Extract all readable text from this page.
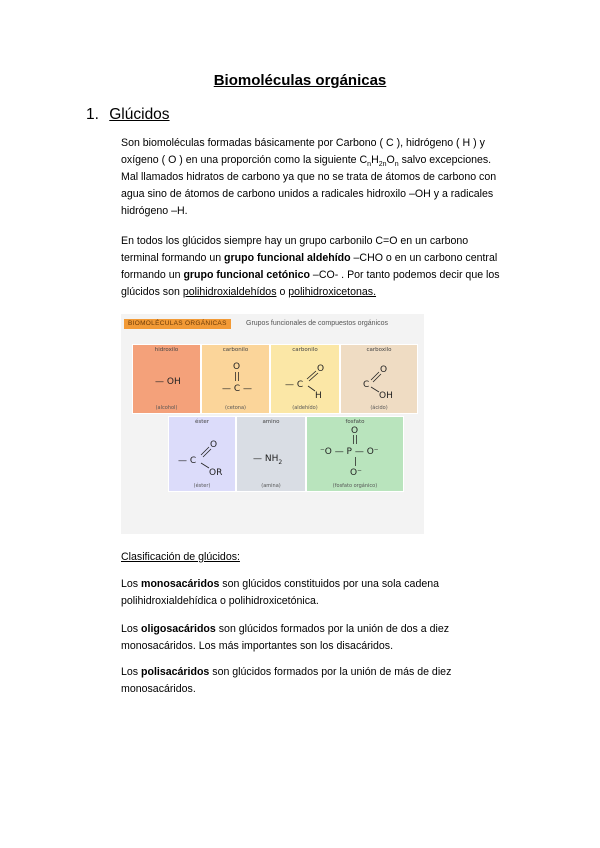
Biomoléculas orgánicas
1. Glúcidos

Son biomoléculas formadas básicamente por Carbono ( C ), hidrógeno ( H ) y oxígeno ( O ) en una proporción como la siguiente $C_nH_{2n}O_n$ salvo excepciones. Mal llamados hidratos de carbono ya que no se trata de átomos de carbono con agua sino de átomos de carbono unidos a radicales hidroxilo –OH y a radicales hidrógeno –H.

En todos los glúcidos siempre hay un grupo carbonilo C=O en un carbono terminal formando un grupo funcional aldehído –CHO o en un carbono central formando un grupo funcional cetónico –CO- . Por tanto podemos decir que los glúcidos son polihidroxialdehídos o polihidroxicetonas.

BIOMOLÉCULAS ORGÁNICAS	Grupos funcionales de compuestos orgánicos
hidroxilo
— OH
(alcohol)
carbonilo
O
||
— C —
(cetona)
carbonilo
— C
O
H
(aldehído)
carboxilo
C
O
OH
(ácido)
éster
— C
O
OR
(éster)
amino
— $NH_2$
(amina)
fosfato
O
||
⁻O — P — O⁻
|
O⁻
(fosfato orgánico)

Clasificación de glúcidos:

Los monosacáridos son glúcidos constituidos por una sola cadena polihidroxialdehídica o polihidroxicetónica.

Los oligosacáridos son glúcidos formados por la unión de dos a diez monosacáridos. Los más importantes son los disacáridos.

Los polisacáridos son glúcidos formados por la unión de más de diez monosacáridos.
